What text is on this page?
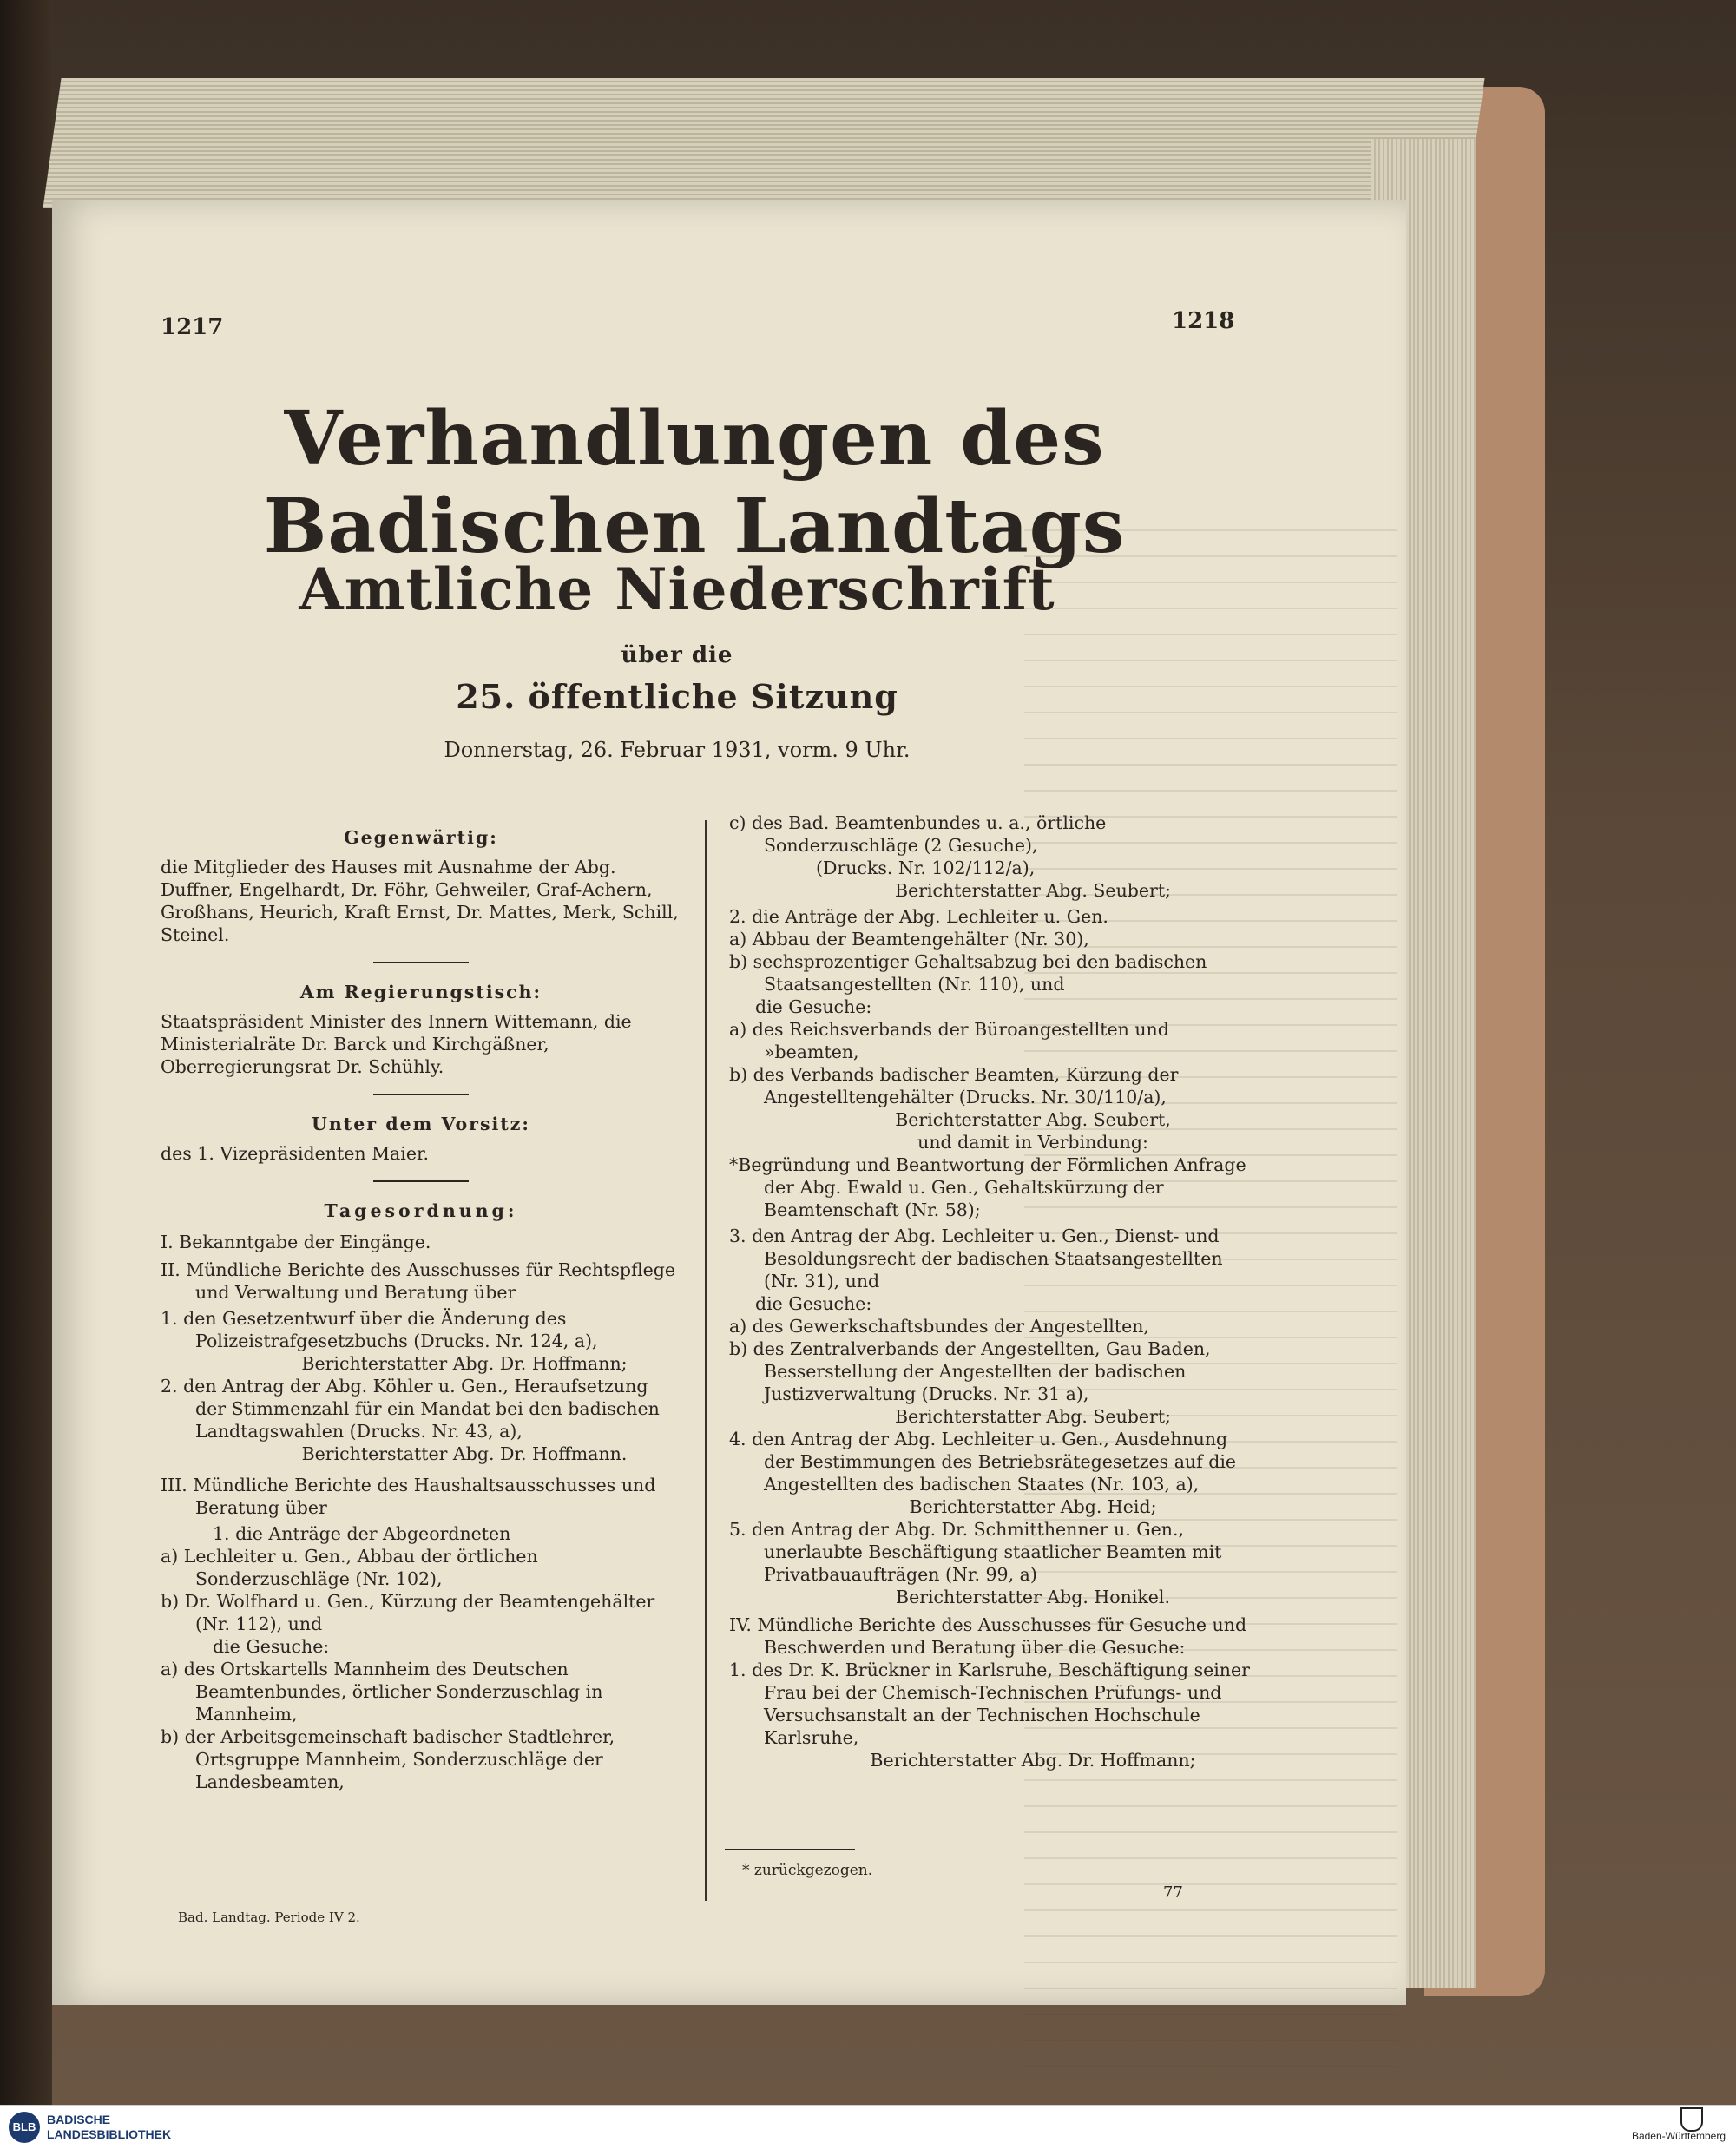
1217	1218
Verhandlungen des Badischen Landtags
Amtliche Niederschrift
über die
25. öffentliche Sitzung
Donnerstag, 26. Februar 1931, vorm. 9 Uhr.

Gegenwärtig:

die Mitglieder des Hauses mit Ausnahme der Abg. Duffner, Engelhardt, Dr. Föhr, Gehweiler, Graf-Achern, Großhans, Heurich, Kraft Ernst, Dr. Mattes, Merk, Schill, Steinel.

Am Regierungstisch:

Staatspräsident Minister des Innern Wittemann, die Ministerialräte Dr. Barck und Kirchgäßner, Oberregierungsrat Dr. Schühly.

Unter dem Vorsitz:

des 1. Vizepräsidenten Maier.

Tagesordnung:

I. Bekanntgabe der Eingänge.

II. Mündliche Berichte des Ausschusses für Rechtspflege und Verwaltung und Beratung über

1. den Gesetzentwurf über die Änderung des Polizeistrafgesetzbuchs (Drucks. Nr. 124, a),

Berichterstatter Abg. Dr. Hoffmann;

2. den Antrag der Abg. Köhler u. Gen., Heraufsetzung der Stimmenzahl für ein Mandat bei den badischen Landtagswahlen (Drucks. Nr. 43, a),

Berichterstatter Abg. Dr. Hoffmann.

III. Mündliche Berichte des Haushaltsausschusses und Beratung über

1. die Anträge der Abgeordneten

a) Lechleiter u. Gen., Abbau der örtlichen Sonderzuschläge (Nr. 102),

b) Dr. Wolfhard u. Gen., Kürzung der Beamtengehälter (Nr. 112), und

die Gesuche:

a) des Ortskartells Mannheim des Deutschen Beamtenbundes, örtlicher Sonderzuschlag in Mannheim,

b) der Arbeitsgemeinschaft badischer Stadtlehrer, Ortsgruppe Mannheim, Sonderzuschläge der Landesbeamten,

Bad. Landtag. Periode IV 2.

c) des Bad. Beamtenbundes u. a., örtliche Sonderzuschläge (2 Gesuche),

(Drucks. Nr. 102/112/a),

Berichterstatter Abg. Seubert;

2. die Anträge der Abg. Lechleiter u. Gen.

a) Abbau der Beamtengehälter (Nr. 30),

b) sechsprozentiger Gehaltsabzug bei den badischen Staatsangestellten (Nr. 110), und

die Gesuche:

a) des Reichsverbands der Büroangestellten und »beamten,

b) des Verbands badischer Beamten, Kürzung der Angestelltengehälter (Drucks. Nr. 30/110/a),

Berichterstatter Abg. Seubert,

und damit in Verbindung:

*Begründung und Beantwortung der Förmlichen Anfrage der Abg. Ewald u. Gen., Gehaltskürzung der Beamtenschaft (Nr. 58);

3. den Antrag der Abg. Lechleiter u. Gen., Dienst- und Besoldungsrecht der badischen Staatsangestellten (Nr. 31), und

die Gesuche:

a) des Gewerkschaftsbundes der Angestellten,

b) des Zentralverbands der Angestellten, Gau Baden, Besserstellung der Angestellten der badischen Justizverwaltung (Drucks. Nr. 31 a),

Berichterstatter Abg. Seubert;

4. den Antrag der Abg. Lechleiter u. Gen., Ausdehnung der Bestimmungen des Betriebsrätegesetzes auf die Angestellten des badischen Staates (Nr. 103, a),

Berichterstatter Abg. Heid;

5. den Antrag der Abg. Dr. Schmitthenner u. Gen., unerlaubte Beschäftigung staatlicher Beamten mit Privatbauaufträgen (Nr. 99, a)

Berichterstatter Abg. Honikel.

IV. Mündliche Berichte des Ausschusses für Gesuche und Beschwerden und Beratung über die Gesuche:

1. des Dr. K. Brückner in Karlsruhe, Beschäftigung seiner Frau bei der Chemisch-Technischen Prüfungs- und Versuchsanstalt an der Technischen Hochschule Karlsruhe,

Berichterstatter Abg. Dr. Hoffmann;

* zurückgezogen.
77
BLB
BADISCHE
LANDESBIBLIOTHEK	Baden-Württemberg
